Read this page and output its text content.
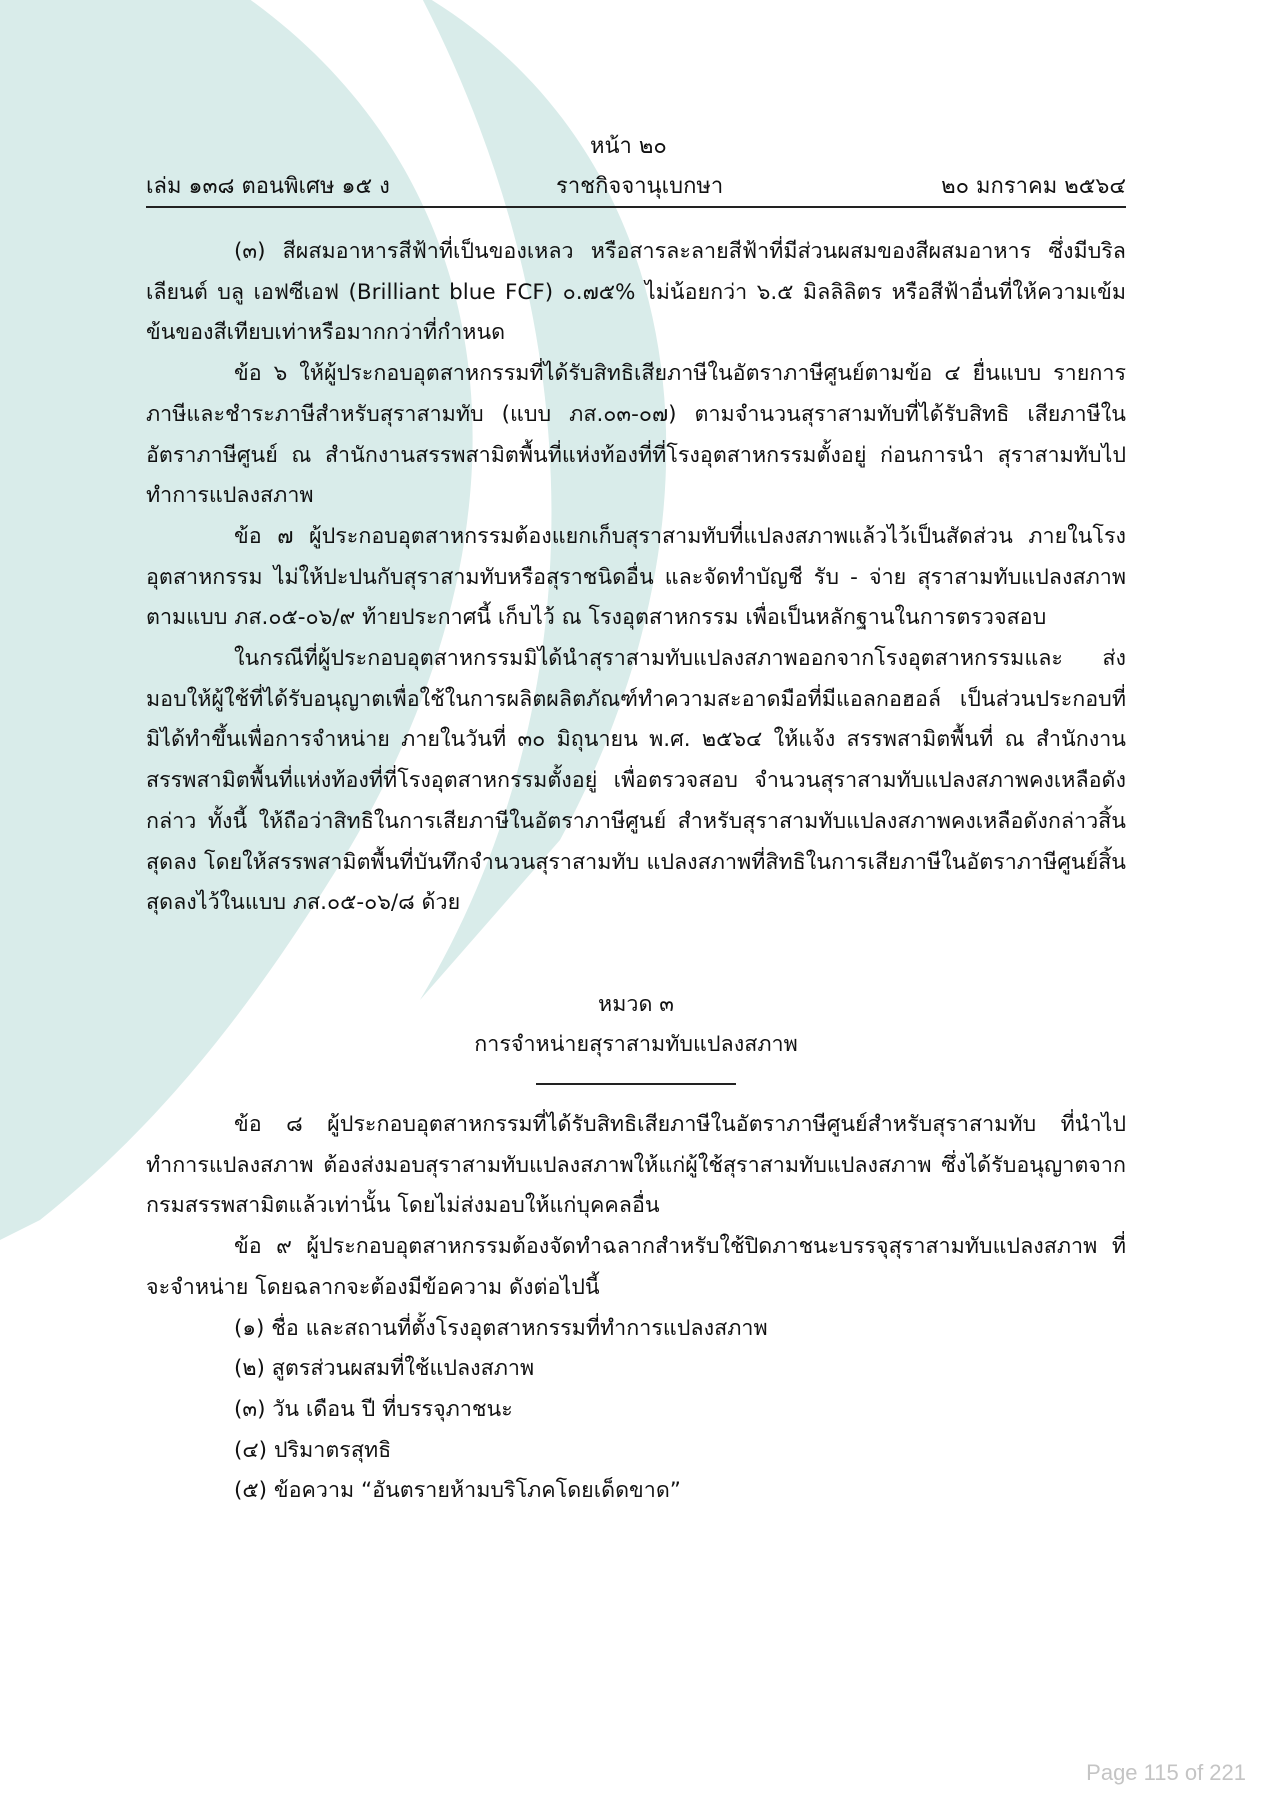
หน้า ๒๐
เล่ม ๑๓๘ ตอนพิเศษ ๑๕ ง	ราชกิจจานุเบกษา	๒๐ มกราคม ๒๕๖๔

(๓) สีผสมอาหารสีฟ้าที่เป็นของเหลว หรือสารละลายสีฟ้าที่มีส่วนผสมของสีผสมอาหาร ซึ่งมีบริลเลียนต์ บลู เอฟซีเอฟ (Brilliant blue FCF) ๐.๗๕% ไม่น้อยกว่า ๖.๕ มิลลิลิตร หรือสีฟ้าอื่นที่ให้ความเข้มข้นของสีเทียบเท่าหรือมากกว่าที่กำหนด

ข้อ ๖ ให้ผู้ประกอบอุตสาหกรรมที่ได้รับสิทธิเสียภาษีในอัตราภาษีศูนย์ตามข้อ ๔ ยื่นแบบ รายการภาษีและชำระภาษีสำหรับสุราสามทับ (แบบ ภส.๐๓-๐๗) ตามจำนวนสุราสามทับที่ได้รับสิทธิ เสียภาษีในอัตราภาษีศูนย์ ณ สำนักงานสรรพสามิตพื้นที่แห่งท้องที่ที่โรงอุตสาหกรรมตั้งอยู่ ก่อนการนำ สุราสามทับไปทำการแปลงสภาพ

ข้อ ๗ ผู้ประกอบอุตสาหกรรมต้องแยกเก็บสุราสามทับที่แปลงสภาพแล้วไว้เป็นสัดส่วน ภายในโรงอุตสาหกรรม ไม่ให้ปะปนกับสุราสามทับหรือสุราชนิดอื่น และจัดทำบัญชี รับ - จ่าย สุราสามทับแปลงสภาพ ตามแบบ ภส.๐๕-๐๖/๙ ท้ายประกาศนี้ เก็บไว้ ณ โรงอุตสาหกรรม เพื่อเป็นหลักฐานในการตรวจสอบ

ในกรณีที่ผู้ประกอบอุตสาหกรรมมิได้นำสุราสามทับแปลงสภาพออกจากโรงอุตสาหกรรมและ ส่งมอบให้ผู้ใช้ที่ได้รับอนุญาตเพื่อใช้ในการผลิตผลิตภัณฑ์ทำความสะอาดมือที่มีแอลกอฮอล์ เป็นส่วนประกอบที่มิได้ทำขึ้นเพื่อการจำหน่าย ภายในวันที่ ๓๐ มิถุนายน พ.ศ. ๒๕๖๔ ให้แจ้ง สรรพสามิตพื้นที่ ณ สำนักงานสรรพสามิตพื้นที่แห่งท้องที่ที่โรงอุตสาหกรรมตั้งอยู่ เพื่อตรวจสอบ จำนวนสุราสามทับแปลงสภาพคงเหลือดังกล่าว ทั้งนี้ ให้ถือว่าสิทธิในการเสียภาษีในอัตราภาษีศูนย์ สำหรับสุราสามทับแปลงสภาพคงเหลือดังกล่าวสิ้นสุดลง โดยให้สรรพสามิตพื้นที่บันทึกจำนวนสุราสามทับ แปลงสภาพที่สิทธิในการเสียภาษีในอัตราภาษีศูนย์สิ้นสุดลงไว้ในแบบ ภส.๐๕-๐๖/๘ ด้วย

หมวด ๓
การจำหน่ายสุราสามทับแปลงสภาพ

ข้อ ๘ ผู้ประกอบอุตสาหกรรมที่ได้รับสิทธิเสียภาษีในอัตราภาษีศูนย์สำหรับสุราสามทับ ที่นำไปทำการแปลงสภาพ ต้องส่งมอบสุราสามทับแปลงสภาพให้แก่ผู้ใช้สุราสามทับแปลงสภาพ ซึ่งได้รับอนุญาตจากกรมสรรพสามิตแล้วเท่านั้น โดยไม่ส่งมอบให้แก่บุคคลอื่น

ข้อ ๙ ผู้ประกอบอุตสาหกรรมต้องจัดทำฉลากสำหรับใช้ปิดภาชนะบรรจุสุราสามทับแปลงสภาพ ที่จะจำหน่าย โดยฉลากจะต้องมีข้อความ ดังต่อไปนี้

(๑) ชื่อ และสถานที่ตั้งโรงอุตสาหกรรมที่ทำการแปลงสภาพ
(๒) สูตรส่วนผสมที่ใช้แปลงสภาพ
(๓) วัน เดือน ปี ที่บรรจุภาชนะ
(๔) ปริมาตรสุทธิ
(๕) ข้อความ “อันตรายห้ามบริโภคโดยเด็ดขาด”
Page 115 of 221
